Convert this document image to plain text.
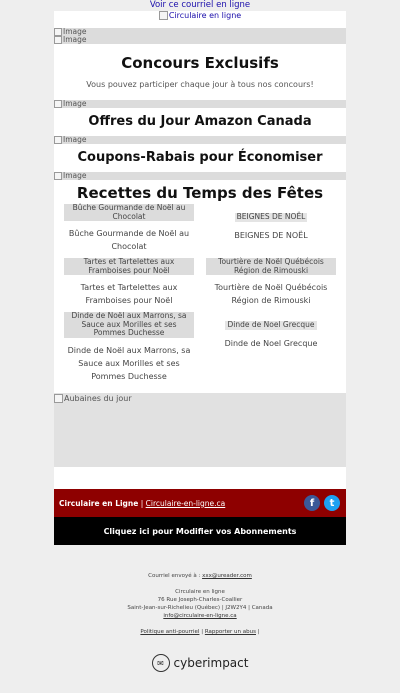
Voir ce courriel en ligne
Circulaire en ligne
Image
Image
Concours Exclusifs
Vous pouvez participer chaque jour à tous nos concours!
Image
Offres du Jour Amazon Canada
Image
Coupons-Rabais pour Économiser
Image
Recettes du Temps des Fêtes
Bûche Gourmande de Noël au Chocolat
Bûche Gourmande de Noël au Chocolat
BEIGNES DE NOËL
BEIGNES DE NOËL
Tartes et Tartelettes aux Framboises pour Noël
Tartes et Tartelettes aux Framboises pour Noël
Tourtière de Noël Québécois Région de Rimouski
Tourtière de Noël Québécois Région de Rimouski
Dinde de Noël aux Marrons, sa Sauce aux Morilles et ses Pommes Duchesse
Dinde de Noël aux Marrons, sa Sauce aux Morilles et ses Pommes Duchesse
Dinde de Noel Grecque
Dinde de Noel Grecque
Aubaines du jour
Circulaire en Ligne | Circulaire-en-ligne.ca	f	t
Cliquez ici pour Modifier vos Abonnements
Courriel envoyé à : xxx@ureader.com
Circulaire en ligne
76 Rue Joseph-Charles-Coallier
Saint-Jean-sur-Richelieu (Québec) | J2W2Y4 | Canada
info@circulaire-en-ligne.ca
Politique anti-pourriel | Rapporter un abus |
✉ cyberimpact
